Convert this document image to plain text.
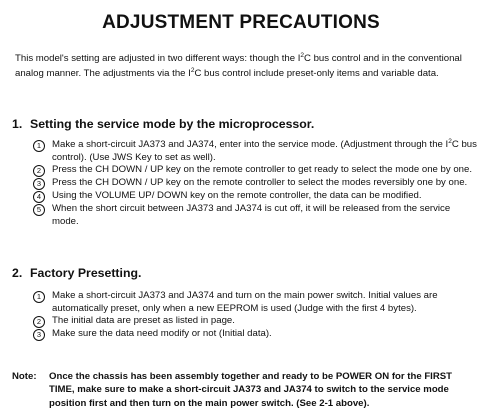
ADJUSTMENT PRECAUTIONS
This model's setting are adjusted in two different ways: though the $I^2C$ bus control and in the conventional analog manner. The adjustments via the $I^2C$ bus control include preset-only items and variable data.
1. Setting the service mode by the microprocessor.
1	Make a short-circuit JA373 and JA374, enter into the service mode. (Adjustment through the $I^2C$ bus control). (Use JWS Key to set as well).
2	Press the CH DOWN / UP key on the remote controller to get ready to select the mode one by one.
3	Press the CH DOWN / UP key on the remote controller to select the modes reversibly one by one.
4	Using the VOLUME UP/ DOWN key on the remote controller, the data can be modified.
5	When the short circuit between JA373 and JA374 is cut off, it will be released from the service mode.
2. Factory Presetting.
1	Make a short-circuit JA373 and JA374 and turn on the main power switch. Initial values are automatically preset, only when a new EEPROM is used (Judge with the first 4 bytes).
2	The initial data are preset as listed in page.
3	Make sure the data need modify or not (Initial data).
Note:	Once the chassis has been assembly together and ready to be POWER ON for the FIRST TIME, make sure to make a short-circuit JA373 and JA374 to switch to the service mode position first and then turn on the main power switch. (See 2-1 above).
